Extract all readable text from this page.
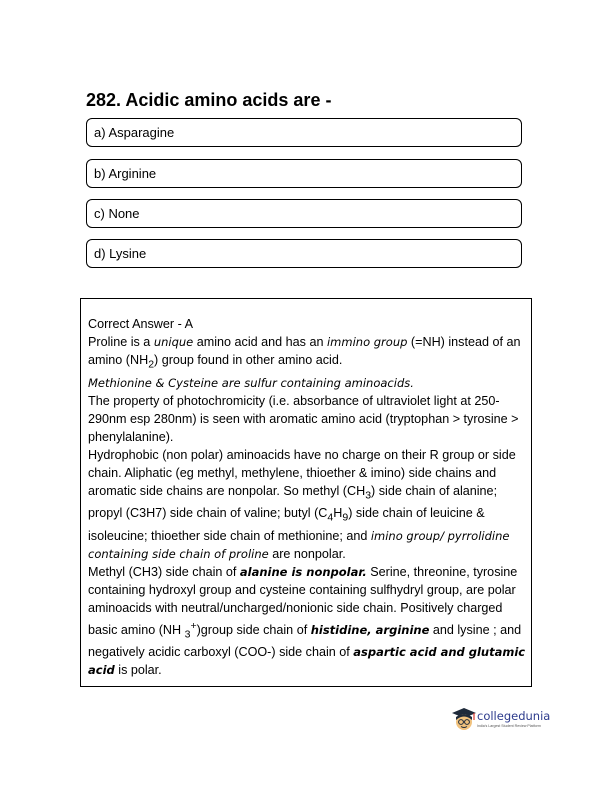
282. Acidic amino acids are -
a) Asparagine
b) Arginine
c) None
d) Lysine

Correct Answer - A

Proline is a unique amino acid and has an immino group (=NH) instead of an amino $(NH_2)$ group found in other amino acid.

Methionine & Cysteine are sulfur containing aminoacids.

The property of photochromicity (i.e. absorbance of ultraviolet light at 250-290nm esp 280nm) is seen with aromatic amino acid (tryptophan > tyrosine > phenylalanine).

Hydrophobic (non polar) aminoacids have no charge on their R group or side chain. Aliphatic (eg methyl, methylene, thioether & imino) side chains and aromatic side chains are nonpolar. So methyl $(CH_3)$ side chain of alanine; propyl (C3H7) side chain of valine; butyl $(C_4H_9)$ side chain of leuicine & isoleucine; thioether side chain of methionine; and imino group/ pyrrolidine containing side chain of proline are nonpolar.

Methyl (CH3) side chain of alanine is nonpolar. Serine, threonine, tyrosine containing hydroxyl group and cysteine containing sulfhydryl group, are polar aminoacids with neutral/uncharged/nonionic side chain. Positively charged basic amino (NH $_3$+)group side chain of histidine, arginine and lysine ; and negatively acidic carboxyl (COO-) side chain of aspartic acid and glutamic acid is polar.

collegedunia
India's Largest Student Review Platform
